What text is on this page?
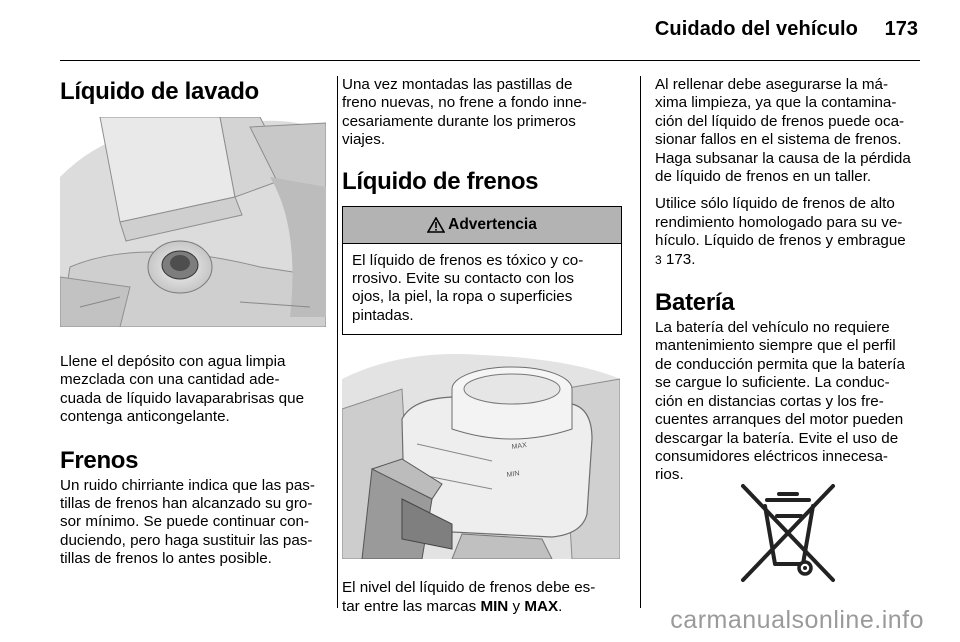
Cuidado del vehículo 173
Líquido de lavado

Llene el depósito con agua limpia

mezclada con una cantidad ade-

cuada de líquido lavaparabrisas que

contenga anticongelante.

Frenos

Un ruido chirriante indica que las pas-

tillas de frenos han alcanzado su gro-

sor mínimo. Se puede continuar con-

duciendo, pero haga sustituir las pas-

tillas de frenos lo antes posible.

Una vez montadas las pastillas de

freno nuevas, no frene a fondo inne-

cesariamente durante los primeros

viajes.

Líquido de frenos
Advertencia

El líquido de frenos es tóxico y co-

rrosivo. Evite su contacto con los

ojos, la piel, la ropa o superficies

pintadas.

MAX
MIN

El nivel del líquido de frenos debe es-

tar entre las marcas MIN y MAX.

Al rellenar debe asegurarse la má-

xima limpieza, ya que la contamina-

ción del líquido de frenos puede oca-

sionar fallos en el sistema de frenos.

Haga subsanar la causa de la pérdida

de líquido de frenos en un taller.

Utilice sólo líquido de frenos de alto

rendimiento homologado para su ve-

hículo. Líquido de frenos y embrague

3 173.

Batería

La batería del vehículo no requiere

mantenimiento siempre que el perfil

de conducción permita que la batería

se cargue lo suficiente. La conduc-

ción en distancias cortas y los fre-

cuentes arranques del motor pueden

descargar la batería. Evite el uso de

consumidores eléctricos innecesa-

rios.

carmanualsonline.info
